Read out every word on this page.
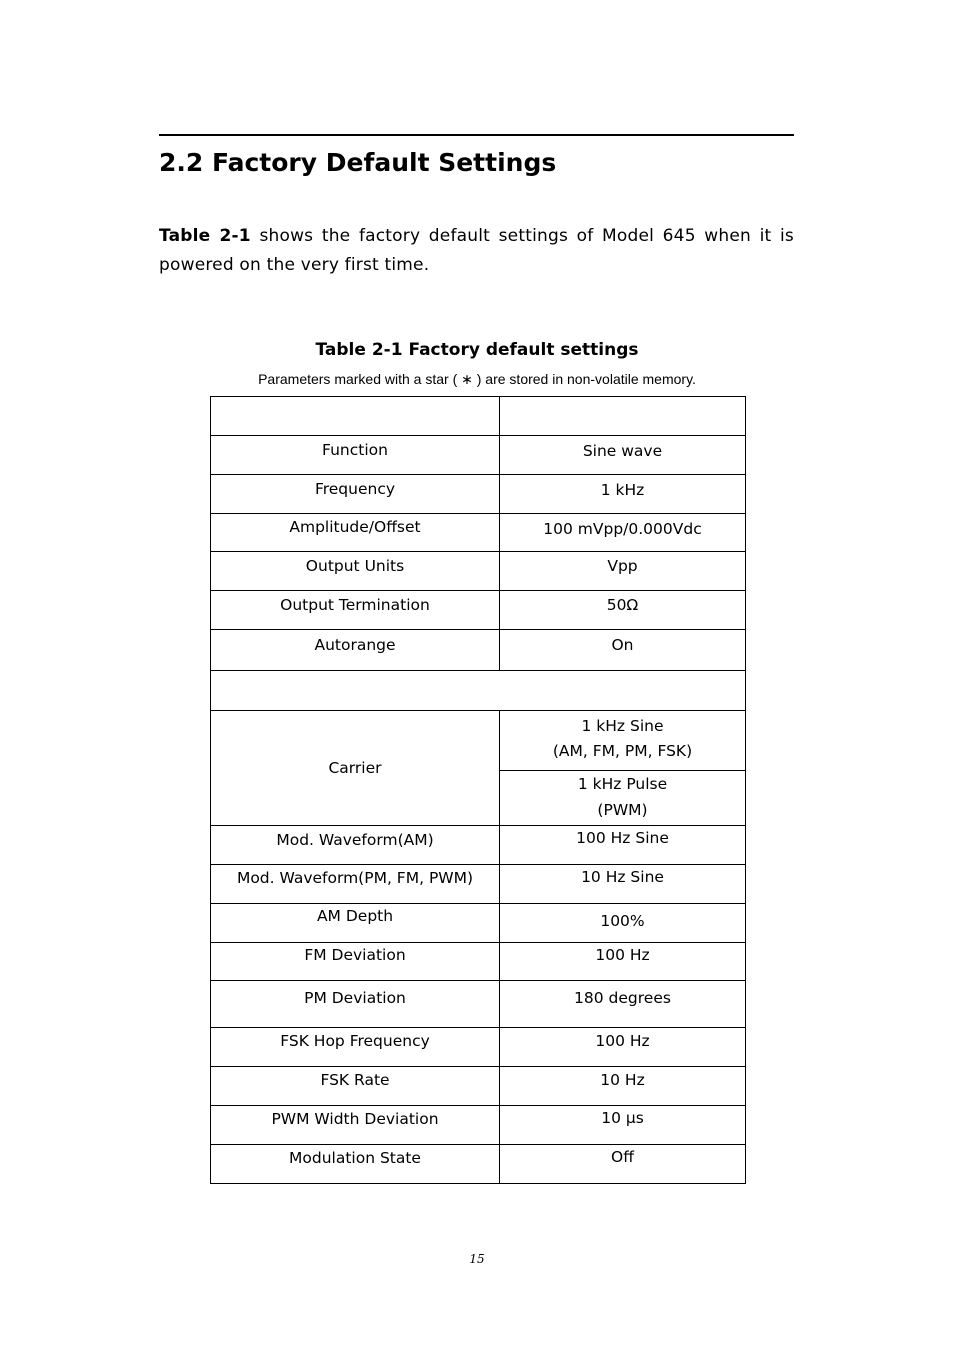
2.2 Factory Default Settings

Table 2-1 shows the factory default settings of Model 645 when it is powered on the very first time.

Table 2-1 Factory default settings
Parameters marked with a star ( ∗ ) are stored in non-volatile memory.

Function	Sine wave
Frequency	1 kHz
Amplitude/Offset	100 mVpp/0.000Vdc
Output Units	Vpp
Output Termination	50Ω
Autorange	On

Carrier	1 kHz Sine
(AM, FM, PM, FSK)

	1 kHz Pulse
(PWM)

Mod. Waveform(AM)	100 Hz Sine
Mod. Waveform(PM, FM, PWM)	10 Hz Sine
AM Depth	100%
FM Deviation	100 Hz
PM Deviation	180 degrees
FSK Hop Frequency	100 Hz
FSK Rate	10 Hz
PWM Width Deviation	10 μs
Modulation State	Off
15
